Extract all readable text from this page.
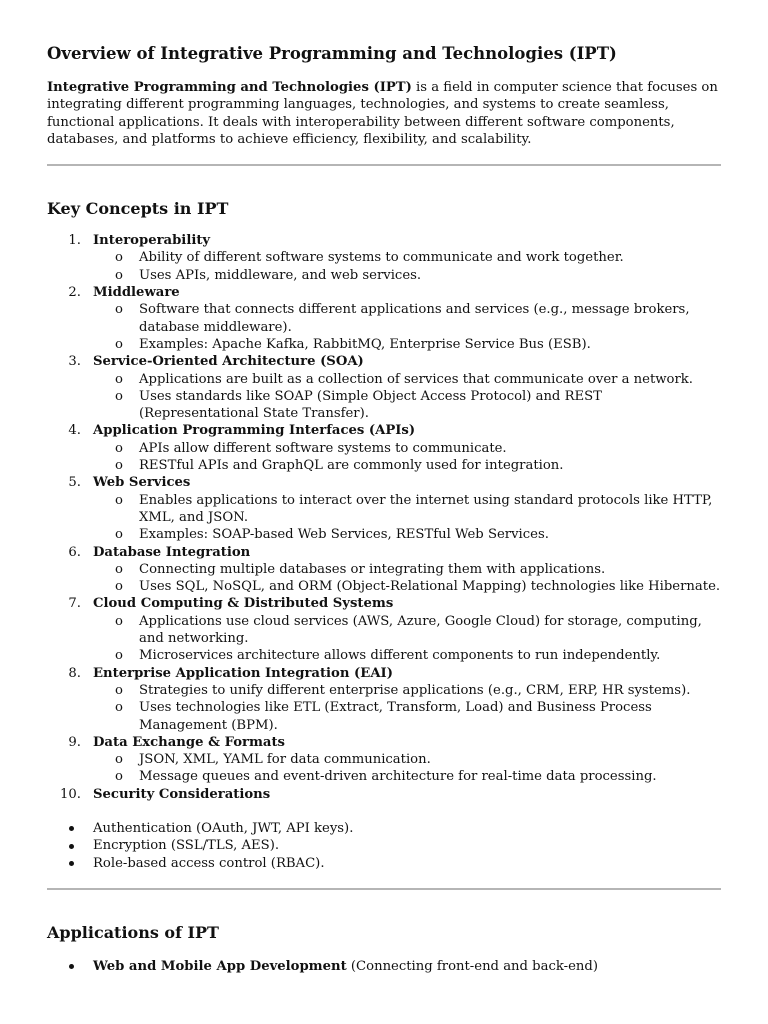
Overview of Integrative Programming and Technologies (IPT)

Integrative Programming and Technologies (IPT) is a field in computer science that focuses on integrating different programming languages, technologies, and systems to create seamless, functional applications. It deals with interoperability between different software components, databases, and platforms to achieve efficiency, flexibility, and scalability.

Key Concepts in IPT
1. Interoperability
o Ability of different software systems to communicate and work together.
o Uses APIs, middleware, and web services.
2. Middleware
o Software that connects different applications and services (e.g., message brokers, database middleware).
o Examples: Apache Kafka, RabbitMQ, Enterprise Service Bus (ESB).
3. Service-Oriented Architecture (SOA)
o Applications are built as a collection of services that communicate over a network.
o Uses standards like SOAP (Simple Object Access Protocol) and REST (Representational State Transfer).
4. Application Programming Interfaces (APIs)
o APIs allow different software systems to communicate.
o RESTful APIs and GraphQL are commonly used for integration.
5. Web Services
o Enables applications to interact over the internet using standard protocols like HTTP, XML, and JSON.
o Examples: SOAP-based Web Services, RESTful Web Services.
6. Database Integration
o Connecting multiple databases or integrating them with applications.
o Uses SQL, NoSQL, and ORM (Object-Relational Mapping) technologies like Hibernate.
7. Cloud Computing & Distributed Systems
o Applications use cloud services (AWS, Azure, Google Cloud) for storage, computing, and networking.
o Microservices architecture allows different components to run independently.
8. Enterprise Application Integration (EAI)
o Strategies to unify different enterprise applications (e.g., CRM, ERP, HR systems).
o Uses technologies like ETL (Extract, Transform, Load) and Business Process Management (BPM).
9. Data Exchange & Formats
o JSON, XML, YAML for data communication.
o Message queues and event-driven architecture for real-time data processing.
10. Security Considerations
Authentication (OAuth, JWT, API keys).
Encryption (SSL/TLS, AES).
Role-based access control (RBAC).
Applications of IPT
Web and Mobile App Development (Connecting front-end and back-end)
